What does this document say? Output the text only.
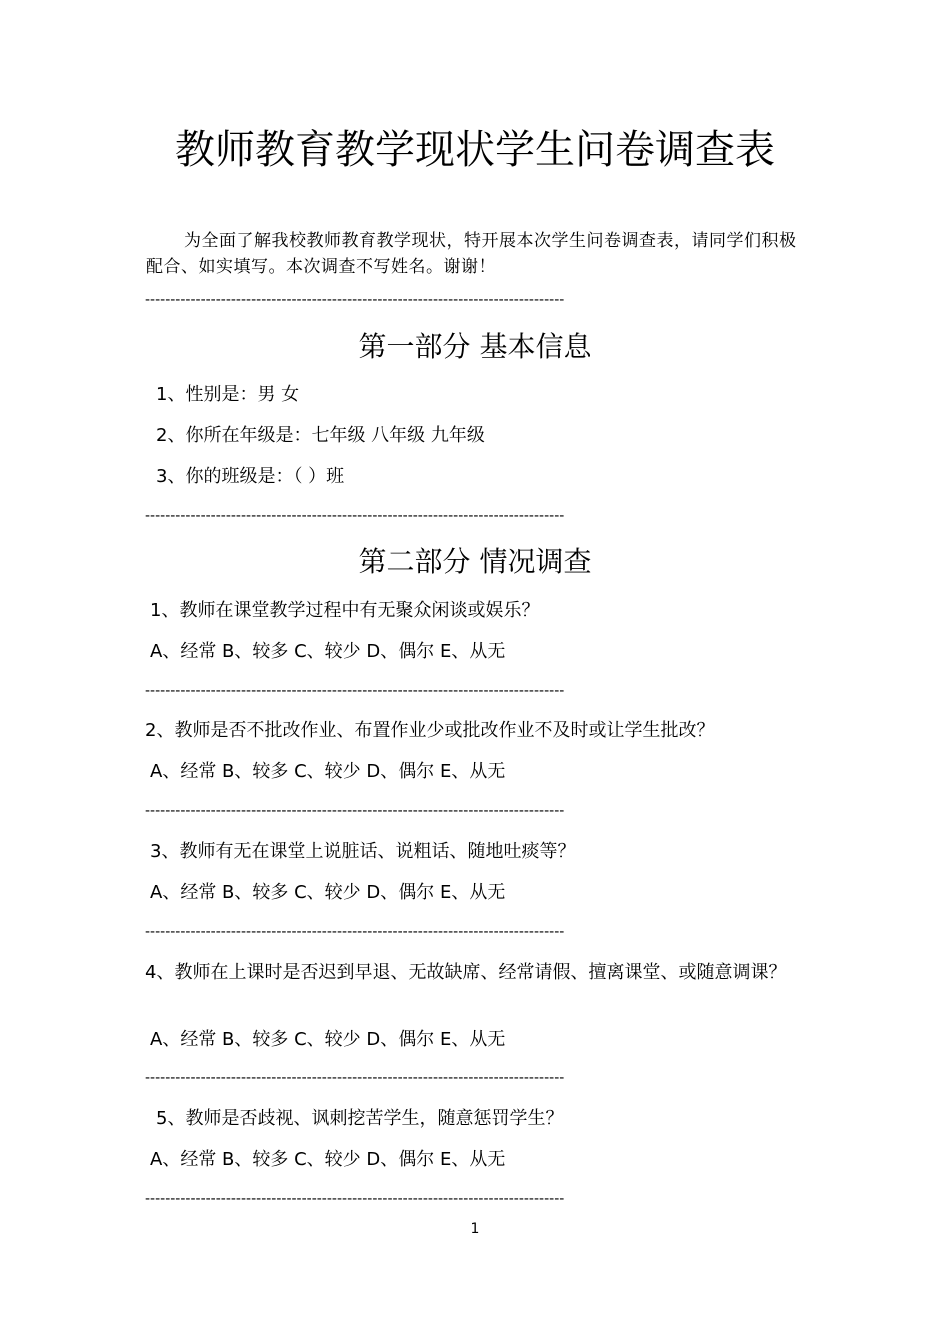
教师教育教学现状学生问卷调查表
为全面了解我校教师教育教学现状，特开展本次学生问卷调查表，请同学们积极配合、如实填写。本次调查不写姓名。谢谢！
-----------------------------------------------------------------------------------
第一部分 基本信息
1、性别是：男 女
2、你所在年级是：七年级 八年级 九年级
3、你的班级是：（ ）班
-----------------------------------------------------------------------------------
第二部分 情况调查
1、教师在课堂教学过程中有无聚众闲谈或娱乐？
A、经常 B、较多 C、较少 D、偶尔 E、从无
-----------------------------------------------------------------------------------
2、教师是否不批改作业、布置作业少或批改作业不及时或让学生批改？
A、经常 B、较多 C、较少 D、偶尔 E、从无
-----------------------------------------------------------------------------------
3、教师有无在课堂上说脏话、说粗话、随地吐痰等？
A、经常 B、较多 C、较少 D、偶尔 E、从无
-----------------------------------------------------------------------------------
4、教师在上课时是否迟到早退、无故缺席、经常请假、擅离课堂、或随意调课？
A、经常 B、较多 C、较少 D、偶尔 E、从无
-----------------------------------------------------------------------------------
5、教师是否歧视、讽刺挖苦学生，随意惩罚学生？
A、经常 B、较多 C、较少 D、偶尔 E、从无
-----------------------------------------------------------------------------------
1
